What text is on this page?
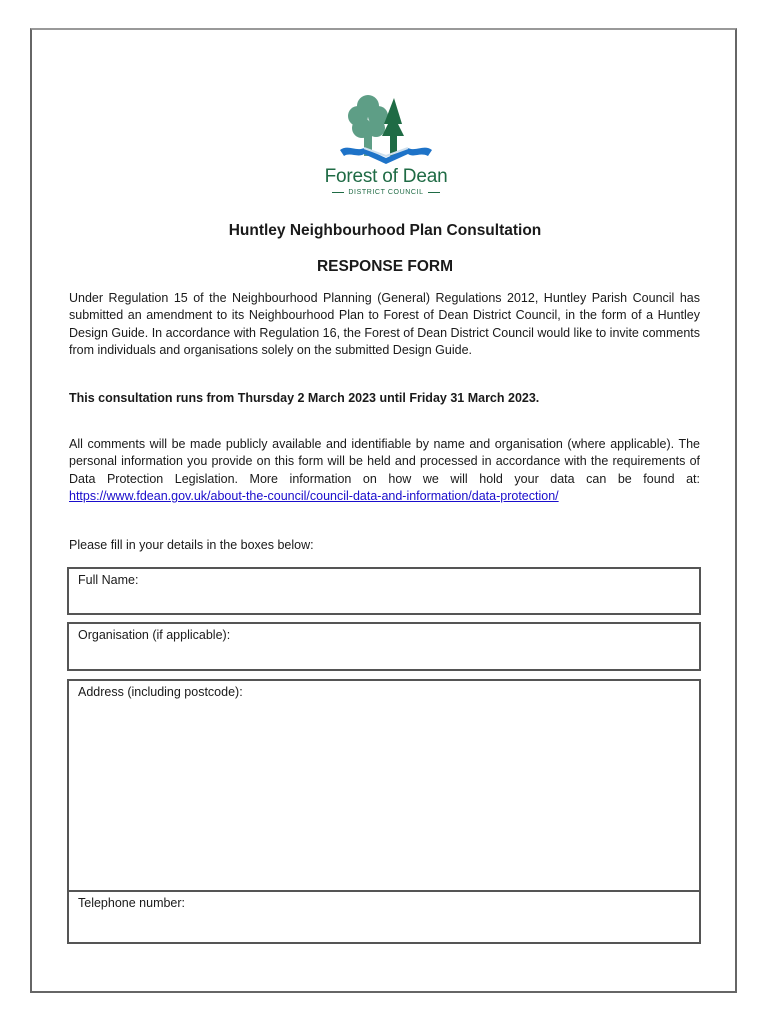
Forest of Dean
DISTRICT COUNCIL
Huntley Neighbourhood Plan Consultation
RESPONSE FORM
Under Regulation 15 of the Neighbourhood Planning (General) Regulations 2012, Huntley Parish Council has submitted an amendment to its Neighbourhood Plan to Forest of Dean District Council, in the form of a Huntley Design Guide. In accordance with Regulation 16, the Forest of Dean District Council would like to invite comments from individuals and organisations solely on the submitted Design Guide.
This consultation runs from Thursday 2 March 2023 until Friday 31 March 2023.
All comments will be made publicly available and identifiable by name and organisation (where applicable). The personal information you provide on this form will be held and processed in accordance with the requirements of Data Protection Legislation. More information on how we will hold your data can be found at: https://www.fdean.gov.uk/about-the-council/council-data-and-information/data-protection/
Please fill in your details in the boxes below:
Full Name:
Organisation (if applicable):
Address (including postcode):
Telephone number:
